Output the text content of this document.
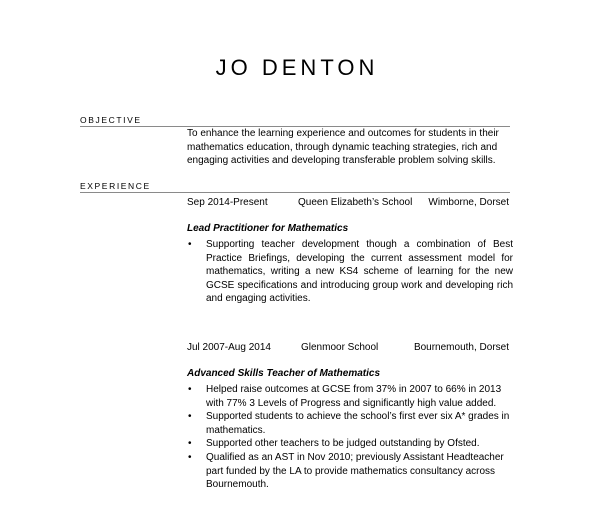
JO DENTON
OBJECTIVE
To enhance the learning experience and outcomes for students in their mathematics education, through dynamic teaching strategies, rich and engaging activities and developing transferable problem solving skills.
EXPERIENCE
Sep 2014-Present	Queen Elizabeth’s School Wimborne, Dorset
Lead Practitioner for Mathematics
• Supporting teacher development though a combination of Best Practice Briefings, developing the current assessment model for mathematics, writing a new KS4 scheme of learning for the new GCSE specifications and introducing group work and developing rich and engaging activities.
Jul 2007-Aug 2014	Glenmoor School	Bournemouth, Dorset
Advanced Skills Teacher of Mathematics
• Helped raise outcomes at GCSE from 37% in 2007 to 66% in 2013 with 77% 3 Levels of Progress and significantly high value added.
• Supported students to achieve the school’s first ever six A* grades in mathematics.
• Supported other teachers to be judged outstanding by Ofsted.
• Qualified as an AST in Nov 2010; previously Assistant Headteacher part funded by the LA to provide mathematics consultancy across Bournemouth.
